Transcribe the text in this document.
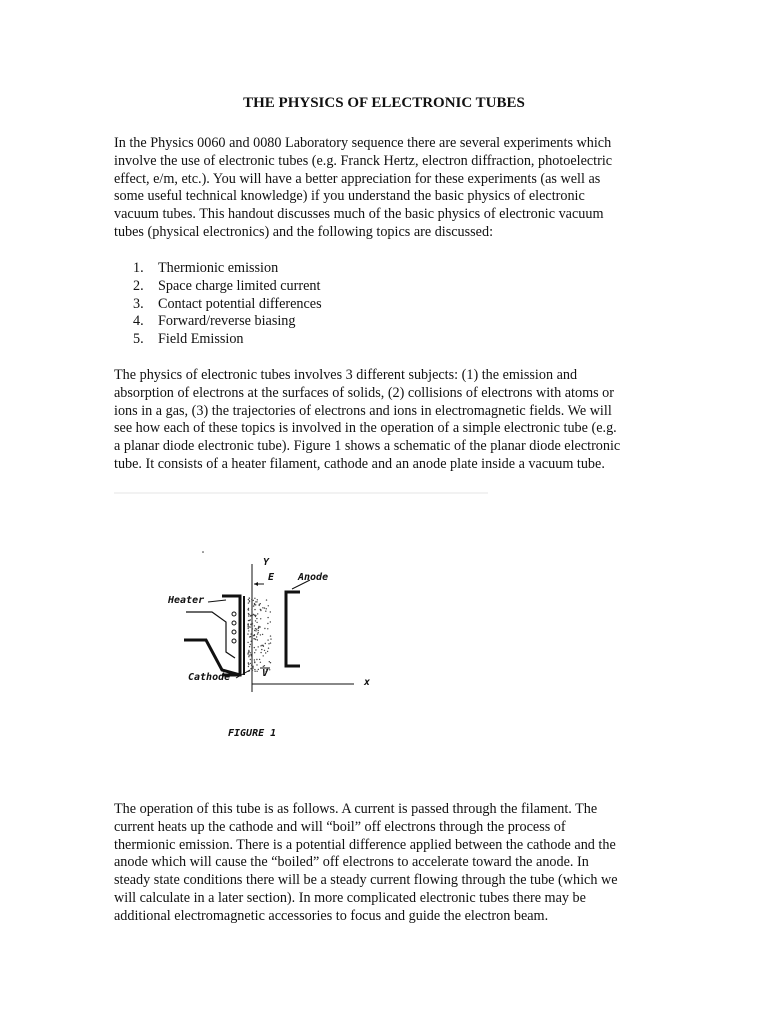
THE PHYSICS OF ELECTRONIC TUBES

In the Physics 0060 and 0080 Laboratory sequence there are several experiments which
involve the use of electronic tubes (e.g. Franck Hertz, electron diffraction, photoelectric
effect, e/m, etc.). You will have a better appreciation for these experiments (as well as
some useful technical knowledge) if you understand the basic physics of electronic
vacuum tubes. This handout discusses much of the basic physics of electronic vacuum
tubes (physical electronics) and the following topics are discussed:

1. Thermionic emission
2. Space charge limited current
3. Contact potential differences
4. Forward/reverse biasing
5. Field Emission

The physics of electronic tubes involves 3 different subjects: (1) the emission and
absorption of electrons at the surfaces of solids, (2) collisions of electrons with atoms or
ions in a gas, (3) the trajectories of electrons and ions in electromagnetic fields. We will
see how each of these topics is involved in the operation of a simple electronic tube (e.g.
a planar diode electronic tube). Figure 1 shows a schematic of the planar diode electronic
tube. It consists of a heater filament, cathode and an anode plate inside a vacuum tube.

Y
E Anode
Heater
Cathode	V
x
FIGURE 1

The operation of this tube is as follows. A current is passed through the filament. The
current heats up the cathode and will “boil” off electrons through the process of
thermionic emission. There is a potential difference applied between the cathode and the
anode which will cause the “boiled” off electrons to accelerate toward the anode. In
steady state conditions there will be a steady current flowing through the tube (which we
will calculate in a later section). In more complicated electronic tubes there may be
additional electromagnetic accessories to focus and guide the electron beam.
